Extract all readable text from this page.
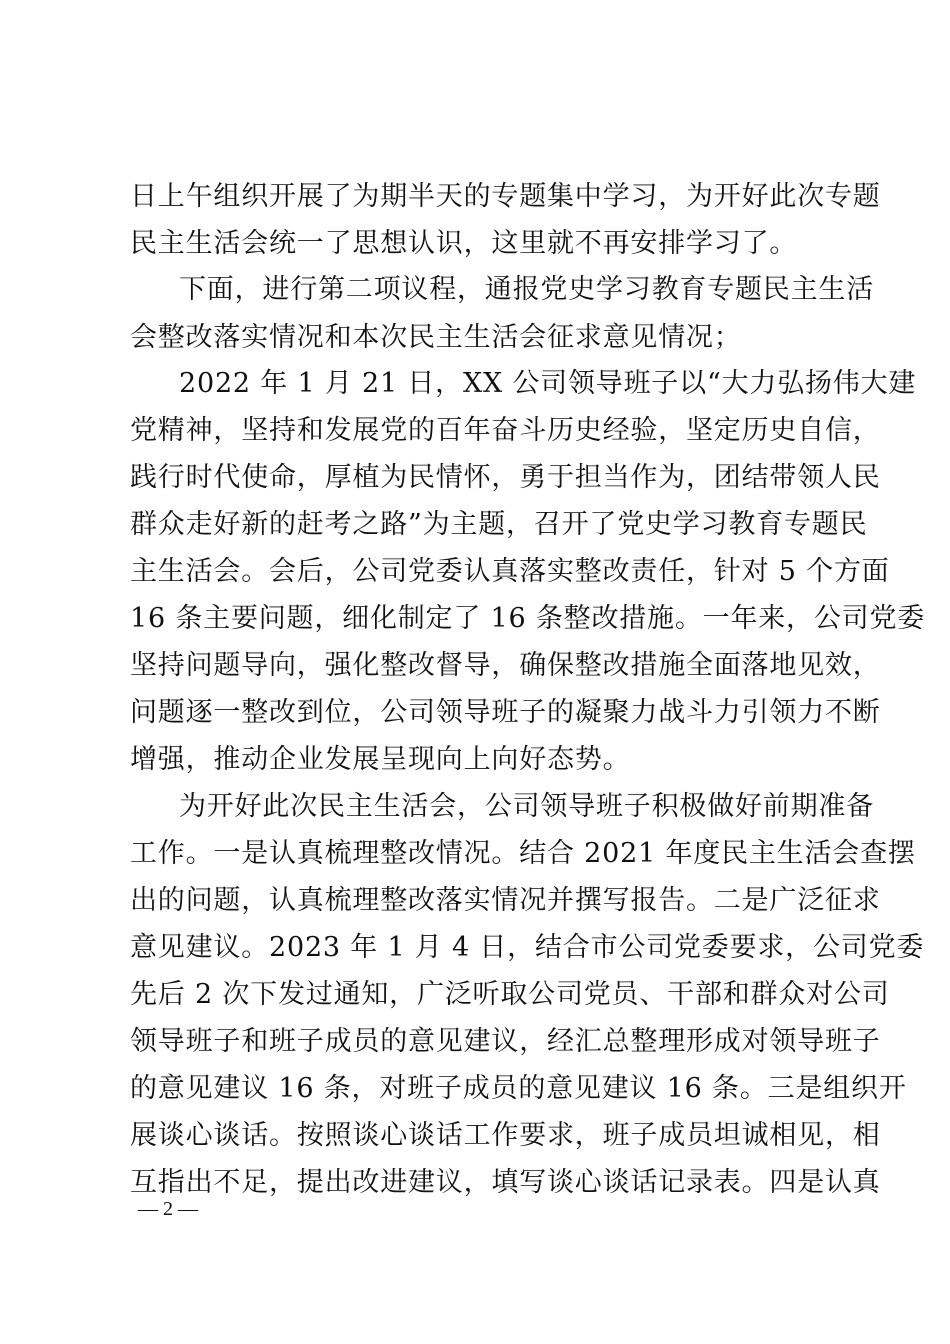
日上午组织开展了为期半天的专题集中学习，为开好此次专题
民主生活会统一了思想认识，这里就不再安排学习了。
下面，进行第二项议程，通报党史学习教育专题民主生活
会整改落实情况和本次民主生活会征求意见情况；
2022 年 1 月 21 日，XX 公司领导班子以“大力弘扬伟大建
党精神，坚持和发展党的百年奋斗历史经验，坚定历史自信，
践行时代使命，厚植为民情怀，勇于担当作为，团结带领人民
群众走好新的赶考之路”为主题，召开了党史学习教育专题民
主生活会。会后，公司党委认真落实整改责任，针对 5 个方面
16 条主要问题，细化制定了 16 条整改措施。一年来，公司党委
坚持问题导向，强化整改督导，确保整改措施全面落地见效，
问题逐一整改到位，公司领导班子的凝聚力战斗力引领力不断
增强，推动企业发展呈现向上向好态势。
为开好此次民主生活会，公司领导班子积极做好前期准备
工作。一是认真梳理整改情况。结合 2021 年度民主生活会查摆
出的问题，认真梳理整改落实情况并撰写报告。二是广泛征求
意见建议。2023 年 1 月 4 日，结合市公司党委要求，公司党委
先后 2 次下发过通知，广泛听取公司党员、干部和群众对公司
领导班子和班子成员的意见建议，经汇总整理形成对领导班子
的意见建议 16 条，对班子成员的意见建议 16 条。三是组织开
展谈心谈话。按照谈心谈话工作要求，班子成员坦诚相见，相
互指出不足，提出改进建议，填写谈心谈话记录表。四是认真
— 2 —
